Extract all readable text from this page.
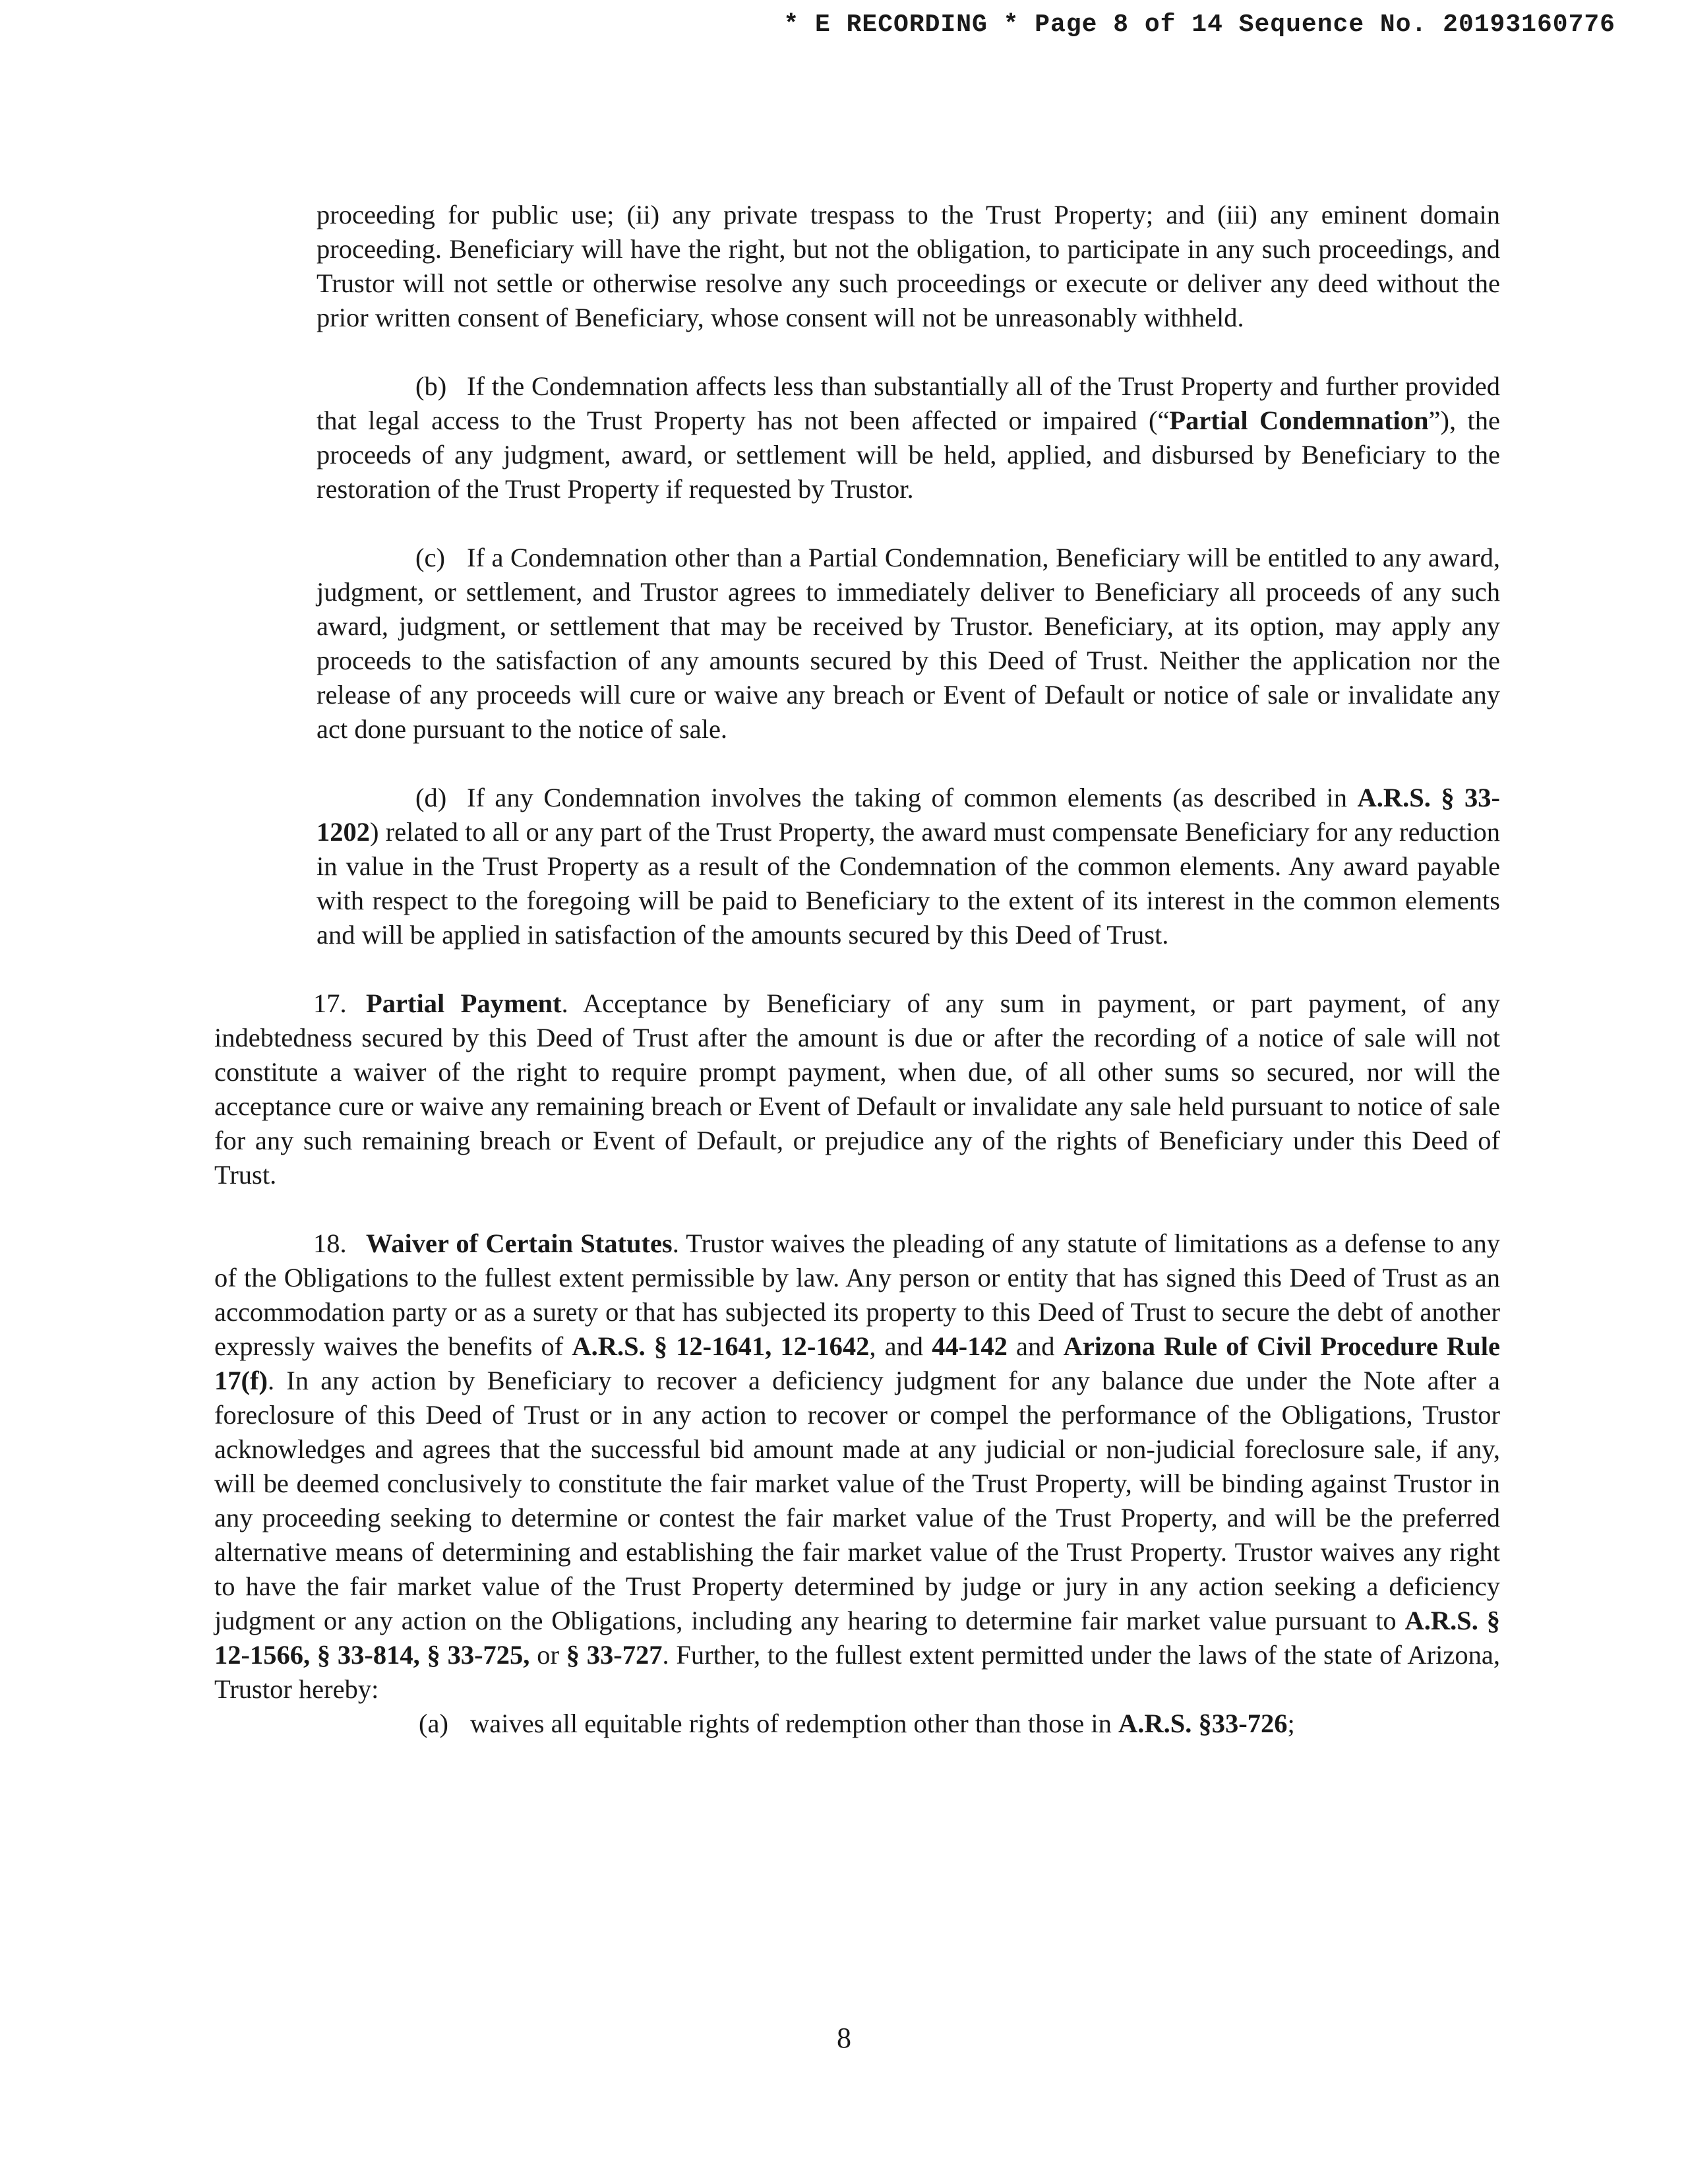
* E RECORDING * Page 8 of 14 Sequence No. 20193160776

proceeding for public use; (ii) any private trespass to the Trust Property; and (iii) any eminent domain proceeding. Beneficiary will have the right, but not the obligation, to participate in any such proceedings, and Trustor will not settle or otherwise resolve any such proceedings or execute or deliver any deed without the prior written consent of Beneficiary, whose consent will not be unreasonably withheld.

(b) If the Condemnation affects less than substantially all of the Trust Property and further provided that legal access to the Trust Property has not been affected or impaired (“Partial Condemnation”), the proceeds of any judgment, award, or settlement will be held, applied, and disbursed by Beneficiary to the restoration of the Trust Property if requested by Trustor.

(c) If a Condemnation other than a Partial Condemnation, Beneficiary will be entitled to any award, judgment, or settlement, and Trustor agrees to immediately deliver to Beneficiary all proceeds of any such award, judgment, or settlement that may be received by Trustor. Beneficiary, at its option, may apply any proceeds to the satisfaction of any amounts secured by this Deed of Trust. Neither the application nor the release of any proceeds will cure or waive any breach or Event of Default or notice of sale or invalidate any act done pursuant to the notice of sale.

(d) If any Condemnation involves the taking of common elements (as described in A.R.S. § 33-1202) related to all or any part of the Trust Property, the award must compensate Beneficiary for any reduction in value in the Trust Property as a result of the Condemnation of the common elements. Any award payable with respect to the foregoing will be paid to Beneficiary to the extent of its interest in the common elements and will be applied in satisfaction of the amounts secured by this Deed of Trust.

17. Partial Payment. Acceptance by Beneficiary of any sum in payment, or part payment, of any indebtedness secured by this Deed of Trust after the amount is due or after the recording of a notice of sale will not constitute a waiver of the right to require prompt payment, when due, of all other sums so secured, nor will the acceptance cure or waive any remaining breach or Event of Default or invalidate any sale held pursuant to notice of sale for any such remaining breach or Event of Default, or prejudice any of the rights of Beneficiary under this Deed of Trust.

18. Waiver of Certain Statutes. Trustor waives the pleading of any statute of limitations as a defense to any of the Obligations to the fullest extent permissible by law. Any person or entity that has signed this Deed of Trust as an accommodation party or as a surety or that has subjected its property to this Deed of Trust to secure the debt of another expressly waives the benefits of A.R.S. § 12-1641, 12-1642, and 44-142 and Arizona Rule of Civil Procedure Rule 17(f). In any action by Beneficiary to recover a deficiency judgment for any balance due under the Note after a foreclosure of this Deed of Trust or in any action to recover or compel the performance of the Obligations, Trustor acknowledges and agrees that the successful bid amount made at any judicial or non-judicial foreclosure sale, if any, will be deemed conclusively to constitute the fair market value of the Trust Property, will be binding against Trustor in any proceeding seeking to determine or contest the fair market value of the Trust Property, and will be the preferred alternative means of determining and establishing the fair market value of the Trust Property. Trustor waives any right to have the fair market value of the Trust Property determined by judge or jury in any action seeking a deficiency judgment or any action on the Obligations, including any hearing to determine fair market value pursuant to A.R.S. § 12-1566, § 33-814, § 33-725, or § 33-727. Further, to the fullest extent permitted under the laws of the state of Arizona, Trustor hereby:

(a) waives all equitable rights of redemption other than those in A.R.S. §33-726;

8
